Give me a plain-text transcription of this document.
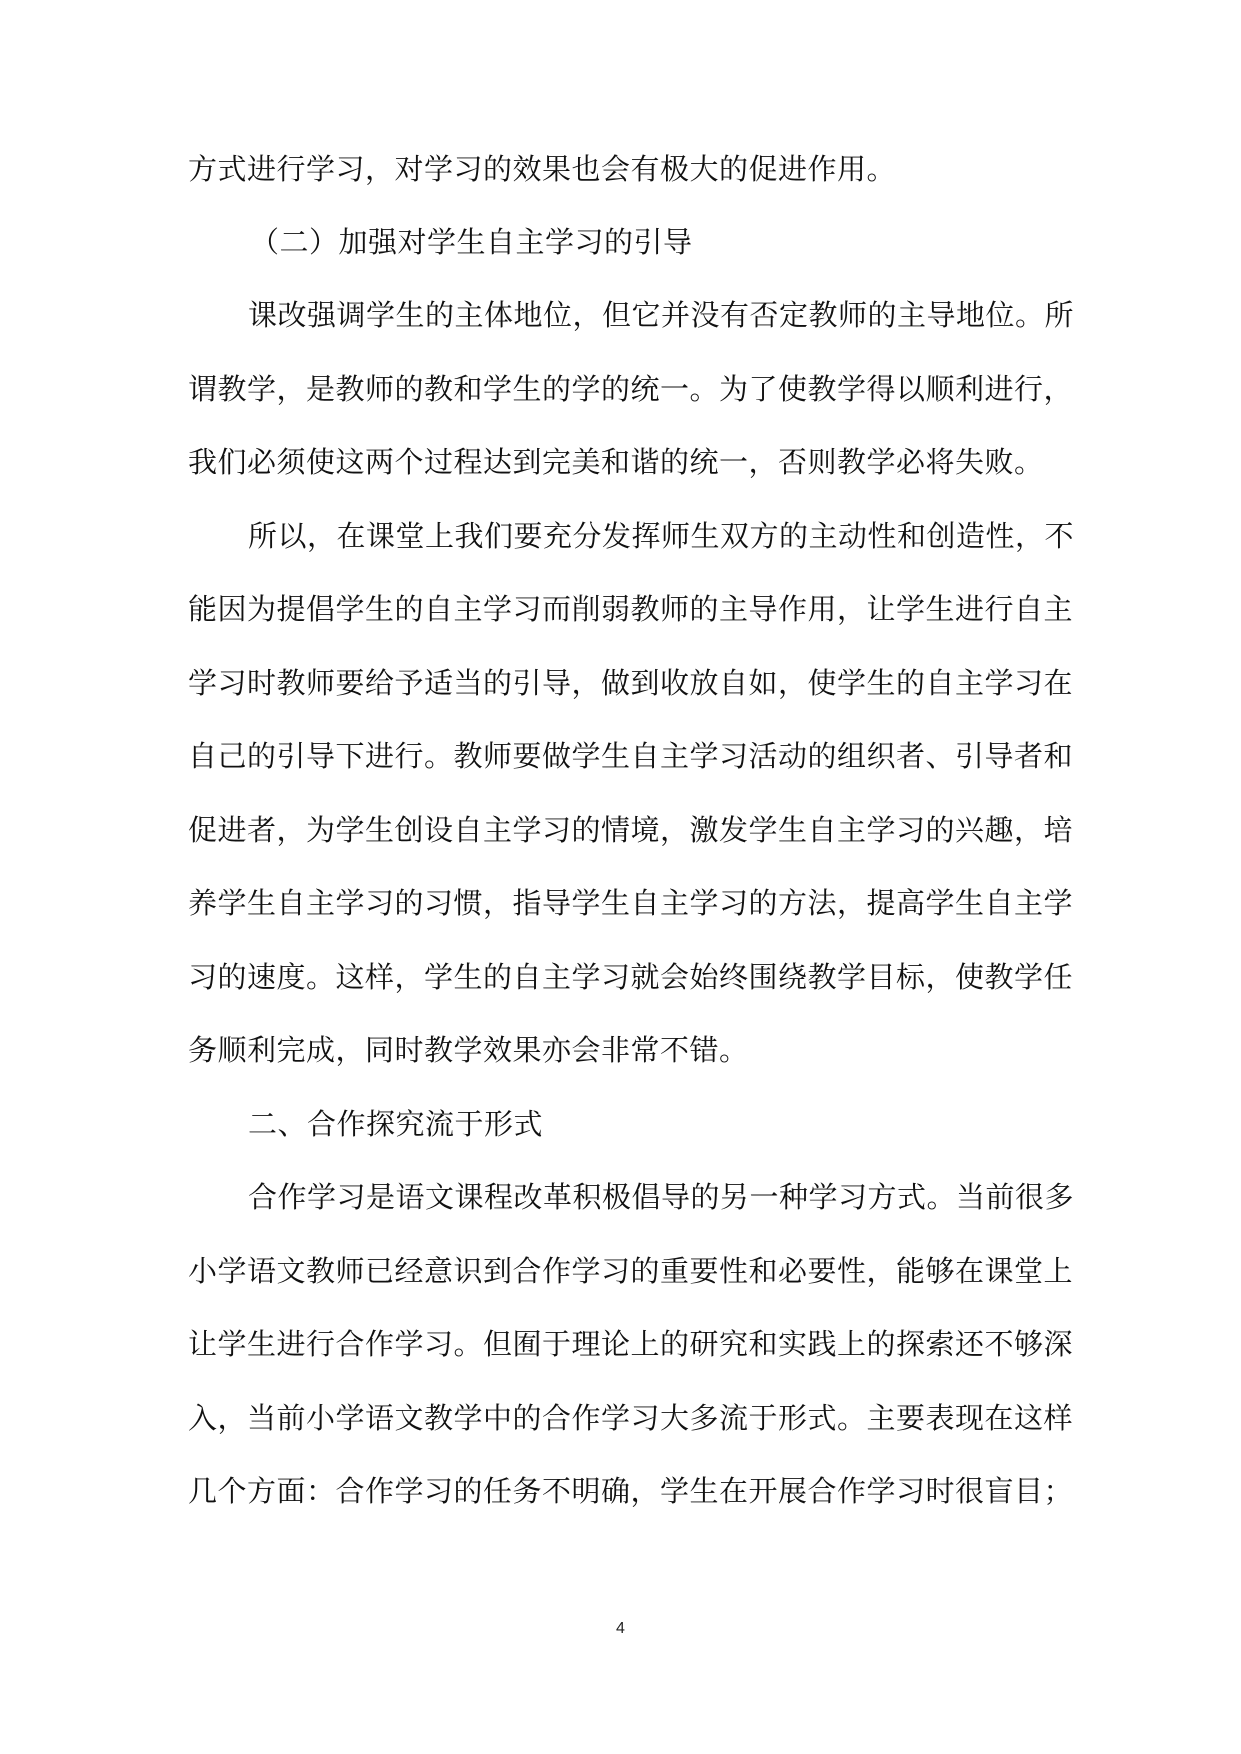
方式进行学习，对学习的效果也会有极大的促进作用。
（二）加强对学生自主学习的引导
课改强调学生的主体地位，但它并没有否定教师的主导地位。所
谓教学，是教师的教和学生的学的统一。为了使教学得以顺利进行，
我们必须使这两个过程达到完美和谐的统一，否则教学必将失败。
所以，在课堂上我们要充分发挥师生双方的主动性和创造性，不
能因为提倡学生的自主学习而削弱教师的主导作用，让学生进行自主
学习时教师要给予适当的引导，做到收放自如，使学生的自主学习在
自己的引导下进行。教师要做学生自主学习活动的组织者、引导者和
促进者，为学生创设自主学习的情境，激发学生自主学习的兴趣，培
养学生自主学习的习惯，指导学生自主学习的方法，提高学生自主学
习的速度。这样，学生的自主学习就会始终围绕教学目标，使教学任
务顺利完成，同时教学效果亦会非常不错。
二、合作探究流于形式
合作学习是语文课程改革积极倡导的另一种学习方式。当前很多
小学语文教师已经意识到合作学习的重要性和必要性，能够在课堂上
让学生进行合作学习。但囿于理论上的研究和实践上的探索还不够深
入，当前小学语文教学中的合作学习大多流于形式。主要表现在这样
几个方面：合作学习的任务不明确，学生在开展合作学习时很盲目；
4
